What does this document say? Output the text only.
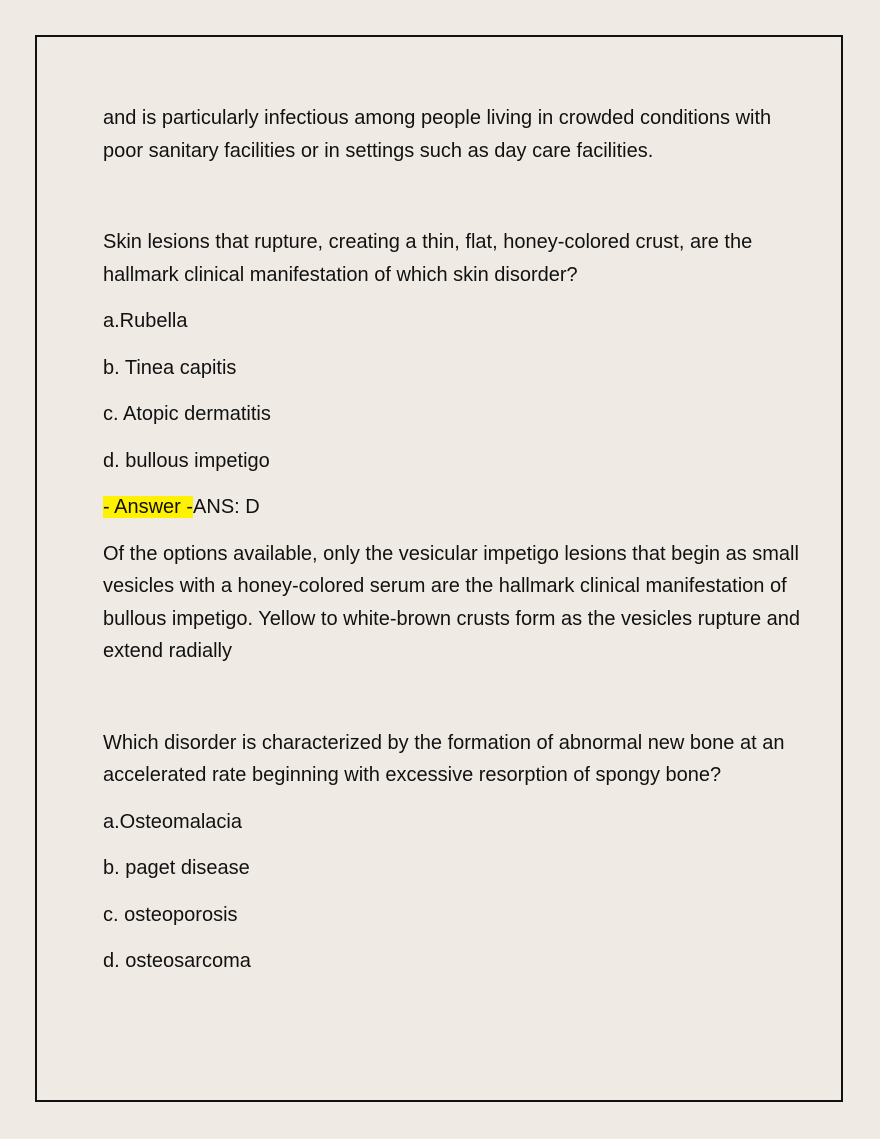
and is particularly infectious among people living in crowded conditions with poor sanitary facilities or in settings such as day care facilities.

Skin lesions that rupture, creating a thin, flat, honey-colored crust, are the hallmark clinical manifestation of which skin disorder?

a.Rubella

b. Tinea capitis

c. Atopic dermatitis

d. bullous impetigo

- Answer -ANS: D

Of the options available, only the vesicular impetigo lesions that begin as small vesicles with a honey-colored serum are the hallmark clinical manifestation of bullous impetigo. Yellow to white-brown crusts form as the vesicles rupture and extend radially

Which disorder is characterized by the formation of abnormal new bone at an accelerated rate beginning with excessive resorption of spongy bone?

a.Osteomalacia

b. paget disease

c. osteoporosis

d. osteosarcoma
